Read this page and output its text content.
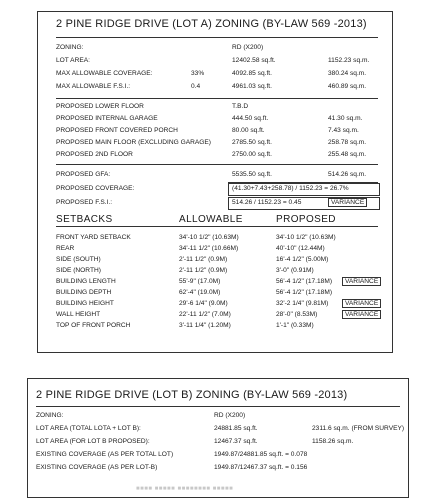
2 PINE RIDGE DRIVE (LOT A) ZONING (BY-LAW 569 -2013)
ZONING:	RD (X200)
LOT AREA:	12402.58 sq.ft.	1152.23 sq.m.
MAX ALLOWABLE COVERAGE:	33%	4092.85 sq.ft.	380.24 sq.m.
MAX ALLOWABLE F.S.I.:	0.4	4961.03 sq.ft.	460.89 sq.m.
PROPOSED LOWER FLOOR	T.B.D
PROPOSED INTERNAL GARAGE	444.50 sq.ft.	41.30 sq.m.
PROPOSED FRONT COVERED PORCH	80.00 sq.ft.	7.43 sq.m.
PROPOSED MAIN FLOOR (EXCLUDING GARAGE)	2785.50 sq.ft.	258.78 sq.m.
PROPOSED 2ND FLOOR	2750.00 sq.ft.	255.48 sq.m.
PROPOSED GFA:	5535.50 sq.ft.	514.26 sq.m.
PROPOSED COVERAGE:	(41.30+7.43+258.78) / 1152.23 = 26.7%
PROPOSED F.S.I.:	514.26 / 1152.23 = 0.45	VARIANCE
SETBACKS	ALLOWABLE	PROPOSED
FRONT YARD SETBACK	34'-10 1/2" (10.63M)	34'-10 1/2" (10.63M)
REAR	34'-11 1/2" (10.66M)	40'-10" (12.44M)
SIDE (SOUTH)	2'-11 1/2" (0.9M)	16'-4 1/2" (5.00M)
SIDE (NORTH)	2'-11 1/2" (0.9M)	3'-0" (0.91M)
BUILDING LENGTH	55'-9" (17.0M)	56'-4 1/2" (17.18M)	VARIANCE
BUILDING DEPTH	62'-4" (19.0M)	56'-4 1/2" (17.18M)
BUILDING HEIGHT	29'-6 1/4" (9.0M)	32'-2 1/4" (9.81M)	VARIANCE
WALL HEIGHT	22'-11 1/2" (7.0M)	28'-0" (8.53M)	VARIANCE
TOP OF FRONT PORCH	3'-11 1/4" (1.20M)	1'-1" (0.33M)
2 PINE RIDGE DRIVE (LOT B) ZONING (BY-LAW 569 -2013)
ZONING:	RD (X200)
LOT AREA (TOTAL LOTA + LOT B):	24881.85 sq.ft.	2311.6 sq.m. (FROM SURVEY)
LOT AREA (FOR LOT B PROPOSED):	12467.37 sq.ft.	1158.26 sq.m.
EXISTING COVERAGE (AS PER TOTAL LOT)	1949.87/24881.85 sq.ft. = 0.078
EXISTING COVERAGE (AS PER LOT-B)	1949.87/12467.37 sq.ft. = 0.156
■■■■ ■■■■■ ■■■■■■■■ ■■■■■
